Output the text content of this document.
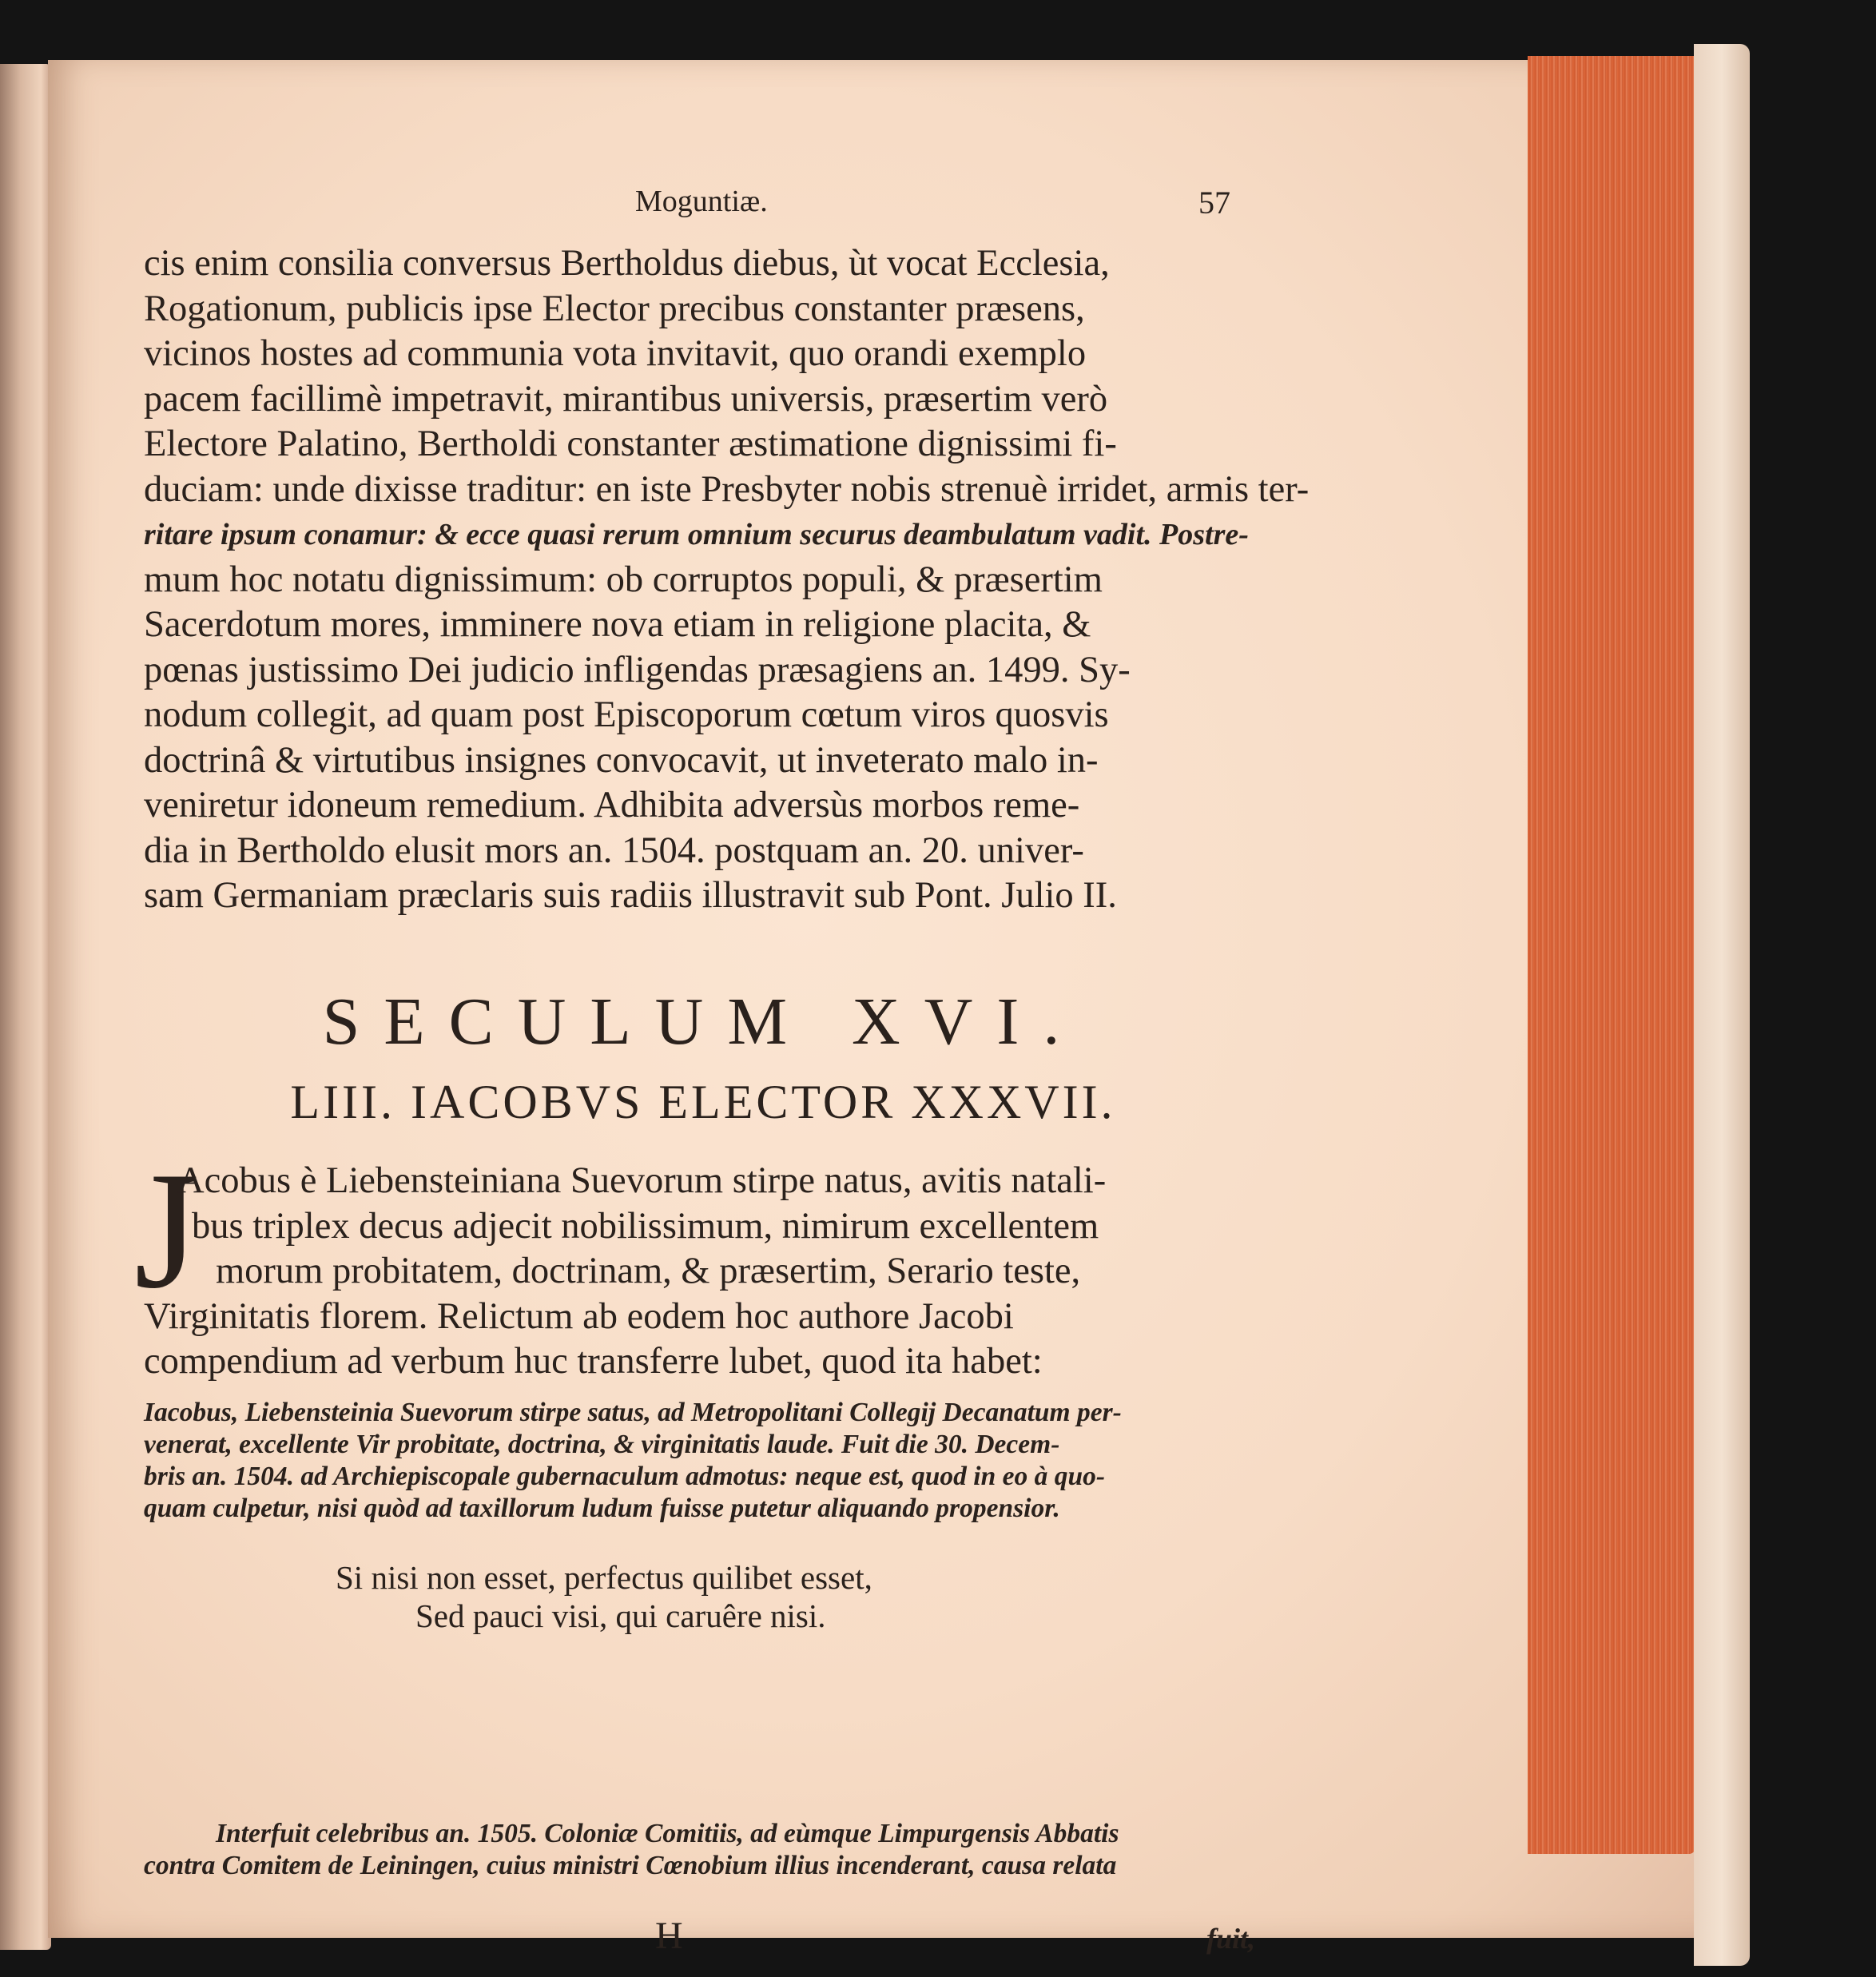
Moguntiæ.	57
cis enim consilia conversus Bertholdus diebus, ùt vocat Ecclesia,
Rogationum, publicis ipse Elector precibus constanter præsens,
vicinos hostes ad communia vota invitavit, quo orandi exemplo
pacem facillimè impetravit, mirantibus universis, præsertim verò
Electore Palatino, Bertholdi constanter æstimatione dignissimi fi-
duciam: unde dixisse traditur: en iste Presbyter nobis strenuè irridet, armis ter-
ritare ipsum conamur: & ecce quasi rerum omnium securus deambulatum vadit. Postre-
mum hoc notatu dignissimum: ob corruptos populi, & præsertim
Sacerdotum mores, imminere nova etiam in religione placita, &
pœnas justissimo Dei judicio infligendas præsagiens an. 1499. Sy-
nodum collegit, ad quam post Episcoporum cœtum viros quosvis
doctrinâ & virtutibus insignes convocavit, ut inveterato malo in-
veniretur idoneum remedium. Adhibita adversùs morbos reme-
dia in Bertholdo elusit mors an. 1504. postquam an. 20. univer-
sam Germaniam præclaris suis radiis illustravit sub Pont. Julio II.
SECULUM XVI.
LIII. IACOBVS ELECTOR XXXVII.
J
Acobus è Liebensteiniana Suevorum stirpe natus, avitis natali-
bus triplex decus adjecit nobilissimum, nimirum excellentem
morum probitatem, doctrinam, & præsertim, Serario teste,
Virginitatis florem. Relictum ab eodem hoc authore Jacobi
compendium ad verbum huc transferre lubet, quod ita habet:
Iacobus, Liebensteinia Suevorum stirpe satus, ad Metropolitani Collegij Decanatum per-
venerat, excellente Vir probitate, doctrina, & virginitatis laude. Fuit die 30. Decem-
bris an. 1504. ad Archiepiscopale gubernaculum admotus: neque est, quod in eo à quo-
quam culpetur, nisi quòd ad taxillorum ludum fuisse putetur aliquando propensior.
Si nisi non esset, perfectus quilibet esset,
Sed pauci visi, qui caruêre nisi.
Interfuit celebribus an. 1505. Coloniæ Comitiis, ad eùmque Limpurgensis Abbatis
contra Comitem de Leiningen, cuius ministri Cœnobium illius incenderant, causa relata
H	fuit,
